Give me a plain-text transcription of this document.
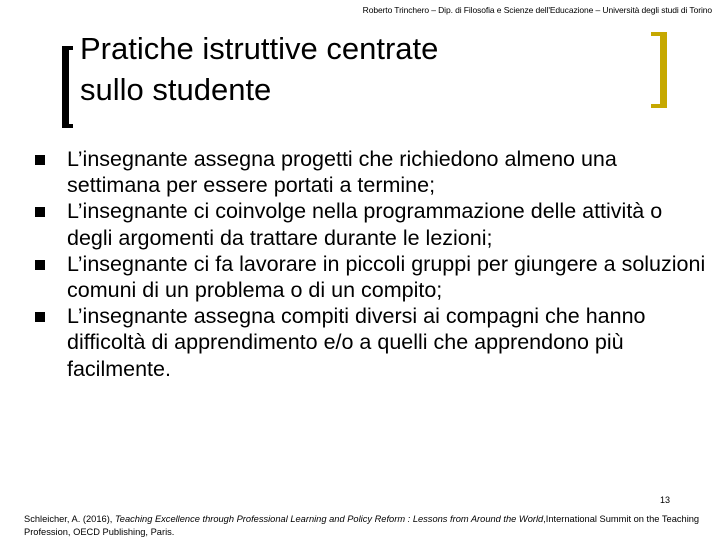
Roberto Trinchero – Dip. di Filosofia e Scienze dell'Educazione – Università degli studi di Torino
Pratiche istruttive centrate
sullo studente
L’insegnante assegna progetti che richiedono almeno una settimana per essere portati a termine;
L’insegnante ci coinvolge nella programmazione delle attività o degli argomenti da trattare durante le lezioni;
L’insegnante ci fa lavorare in piccoli gruppi per giungere a soluzioni comuni di un problema o di un compito;
L’insegnante assegna compiti diversi ai compagni che hanno difficoltà di apprendimento e/o a quelli che apprendono più facilmente.
13
Schleicher, A. (2016), Teaching Excellence through Professional Learning and Policy Reform : Lessons from Around the World,International Summit on the Teaching Profession, OECD Publishing, Paris.
